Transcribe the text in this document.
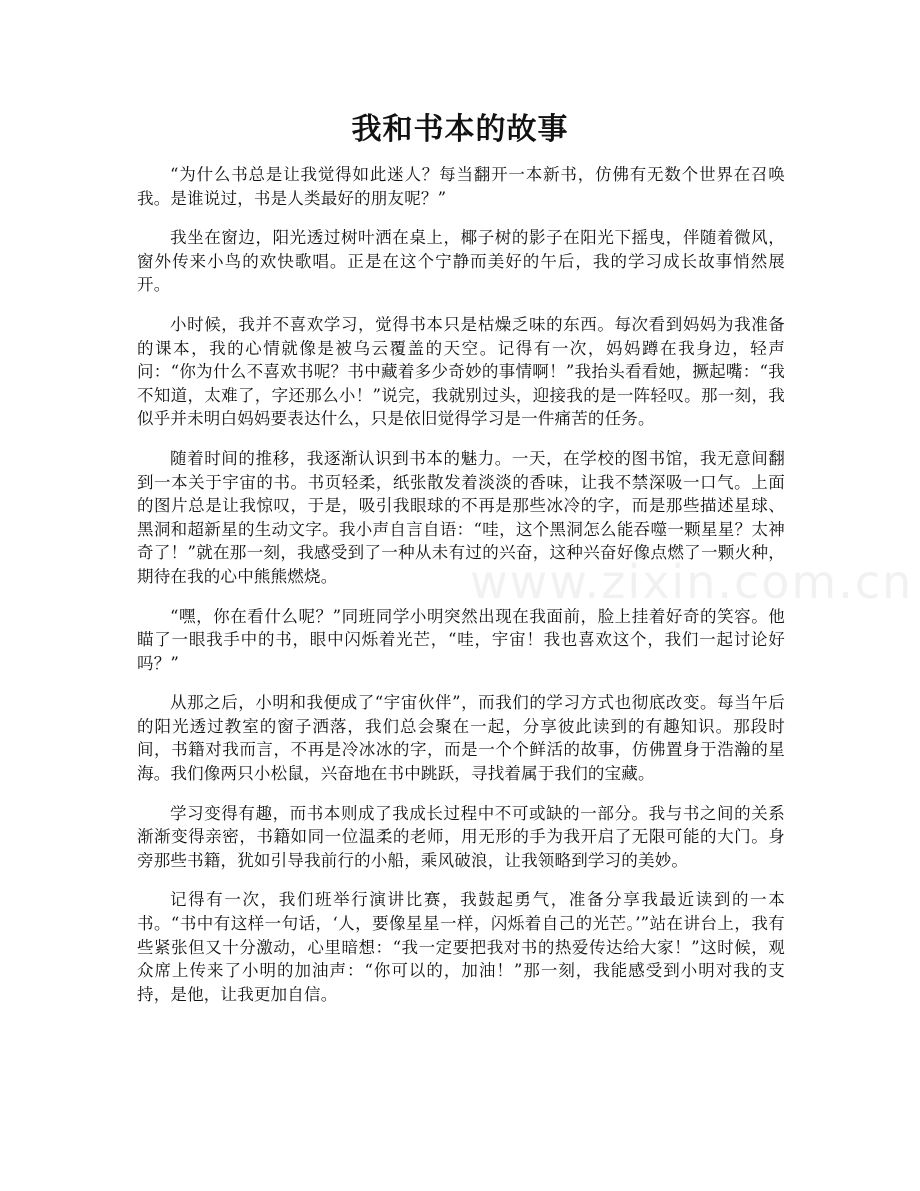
我和书本的故事

“为什么书总是让我觉得如此迷人？每当翻开一本新书，仿佛有无数个世界在召唤我。是谁说过，书是人类最好的朋友呢？”

我坐在窗边，阳光透过树叶洒在桌上，椰子树的影子在阳光下摇曳，伴随着微风，窗外传来小鸟的欢快歌唱。正是在这个宁静而美好的午后，我的学习成长故事悄然展开。

小时候，我并不喜欢学习，觉得书本只是枯燥乏味的东西。每次看到妈妈为我准备的课本，我的心情就像是被乌云覆盖的天空。记得有一次，妈妈蹲在我身边，轻声问：“你为什么不喜欢书呢？书中藏着多少奇妙的事情啊！”我抬头看看她，撅起嘴：“我不知道，太难了，字还那么小！”说完，我就别过头，迎接我的是一阵轻叹。那一刻，我似乎并未明白妈妈要表达什么，只是依旧觉得学习是一件痛苦的任务。

随着时间的推移，我逐渐认识到书本的魅力。一天，在学校的图书馆，我无意间翻到一本关于宇宙的书。书页轻柔，纸张散发着淡淡的香味，让我不禁深吸一口气。上面的图片总是让我惊叹，于是，吸引我眼球的不再是那些冰冷的字，而是那些描述星球、黑洞和超新星的生动文字。我小声自言自语：“哇，这个黑洞怎么能吞噬一颗星星？太神奇了！”就在那一刻，我感受到了一种从未有过的兴奋，这种兴奋好像点燃了一颗火种，期待在我的心中熊熊燃烧。

“嘿，你在看什么呢？”同班同学小明突然出现在我面前，脸上挂着好奇的笑容。他瞄了一眼我手中的书，眼中闪烁着光芒，“哇，宇宙！我也喜欢这个，我们一起讨论好吗？”

从那之后，小明和我便成了“宇宙伙伴”，而我们的学习方式也彻底改变。每当午后的阳光透过教室的窗子洒落，我们总会聚在一起，分享彼此读到的有趣知识。那段时间，书籍对我而言，不再是冷冰冰的字，而是一个个鲜活的故事，仿佛置身于浩瀚的星海。我们像两只小松鼠，兴奋地在书中跳跃，寻找着属于我们的宝藏。

学习变得有趣，而书本则成了我成长过程中不可或缺的一部分。我与书之间的关系渐渐变得亲密，书籍如同一位温柔的老师，用无形的手为我开启了无限可能的大门。身旁那些书籍，犹如引导我前行的小船，乘风破浪，让我领略到学习的美妙。

记得有一次，我们班举行演讲比赛，我鼓起勇气，准备分享我最近读到的一本书。“书中有这样一句话，‘人，要像星星一样，闪烁着自己的光芒。’”站在讲台上，我有些紧张但又十分激动，心里暗想：“我一定要把我对书的热爱传达给大家！”这时候，观众席上传来了小明的加油声：“你可以的，加油！”那一刻，我能感受到小明对我的支持，是他，让我更加自信。

www.zixin.com.cn
